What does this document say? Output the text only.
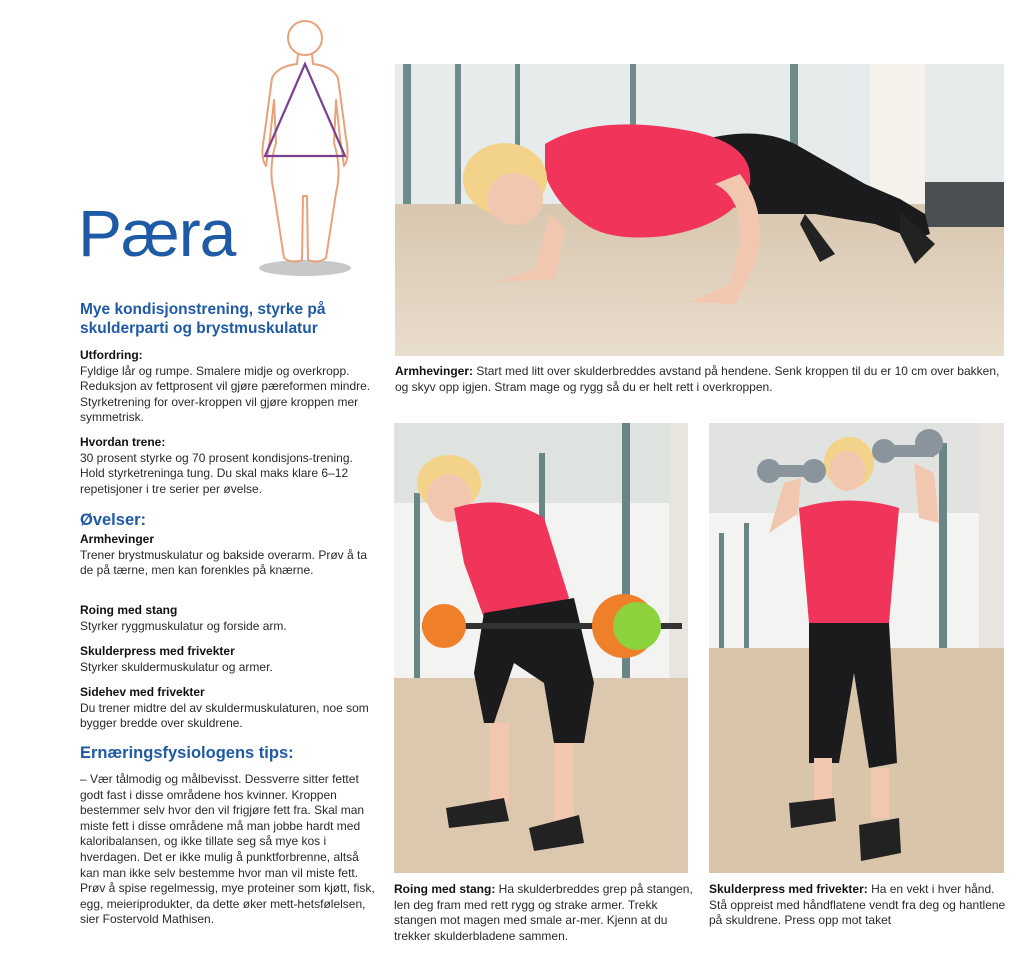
Pæra
Mye kondisjonstrening, styrke på skulderparti og brystmuskulatur
Utfordring:
Fyldige lår og rumpe. Smalere midje og overkropp. Reduksjon av fettprosent vil gjøre pæreformen mindre. Styrketrening for over-kroppen vil gjøre kroppen mer symmetrisk.
Hvordan trene:
30 prosent styrke og 70 prosent kondisjons-trening. Hold styrketreninga tung. Du skal maks klare 6–12 repetisjoner i tre serier per øvelse.
Øvelser:
Armhevinger
Trener brystmuskulatur og bakside overarm. Prøv å ta de på tærne, men kan forenkles på knærne.
Roing med stang
Styrker ryggmuskulatur og forside arm.
Skulderpress med frivekter
Styrker skuldermuskulatur og armer.
Sidehev med frivekter
Du trener midtre del av skuldermuskulaturen, noe som bygger bredde over skuldrene.
Ernæringsfysiologens tips:
– Vær tålmodig og målbevisst. Dessverre sitter fettet godt fast i disse områdene hos kvinner. Kroppen bestemmer selv hvor den vil frigjøre fett fra. Skal man miste fett i disse områdene må man jobbe hardt med kaloribalansen, og ikke tillate seg så mye kos i hverdagen. Det er ikke mulig å punktforbrenne, altså kan man ikke selv bestemme hvor man vil miste fett. Prøv å spise regelmessig, mye proteiner som kjøtt, fisk, egg, meieriprodukter, da dette øker mett-hetsfølelsen, sier Fostervold Mathisen.
Armhevinger: Start med litt over skulderbreddes avstand på hendene. Senk kroppen til du er 10 cm over bakken, og skyv opp igjen. Stram mage og rygg så du er helt rett i overkroppen.
Roing med stang: Ha skulderbreddes grep på stangen, len deg fram med rett rygg og strake armer. Trekk stangen mot magen med smale ar-mer. Kjenn at du trekker skulderbladene sammen.
Skulderpress med frivekter: Ha en vekt i hver hånd. Stå oppreist med håndflatene vendt fra deg og hantlene på skuldrene. Press opp mot taket
